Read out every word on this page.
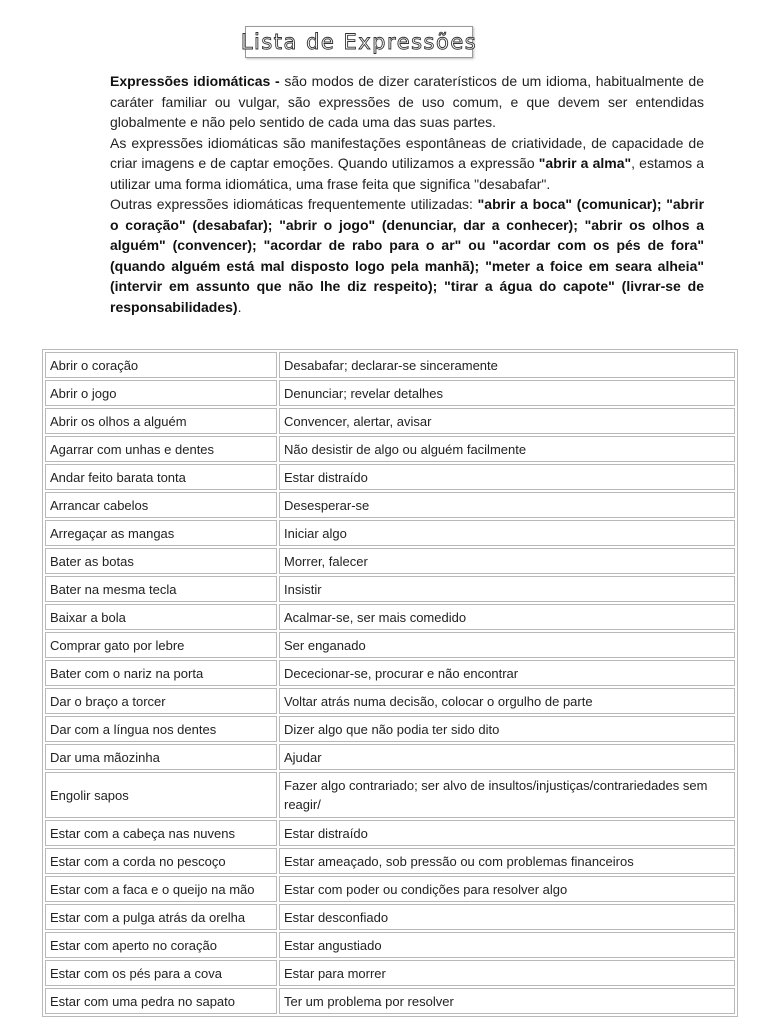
Lista de Expressões
Expressões idiomáticas - são modos de dizer caraterísticos de um idioma, habitualmente de caráter familiar ou vulgar, são expressões de uso comum, e que devem ser entendidas globalmente e não pelo sentido de cada uma das suas partes.
As expressões idiomáticas são manifestações espontâneas de criatividade, de capacidade de criar imagens e de captar emoções. Quando utilizamos a expressão "abrir a alma", estamos a utilizar uma forma idiomática, uma frase feita que significa "desabafar".
Outras expressões idiomáticas frequentemente utilizadas: "abrir a boca" (comunicar); "abrir o coração" (desabafar); "abrir o jogo" (denunciar, dar a conhecer); "abrir os olhos a alguém" (convencer); "acordar de rabo para o ar" ou "acordar com os pés de fora" (quando alguém está mal disposto logo pela manhã); "meter a foice em seara alheia" (intervir em assunto que não lhe diz respeito); "tirar a água do capote" (livrar-se de responsabilidades).
Abrir o coração	Desabafar; declarar-se sinceramente
Abrir o jogo	Denunciar; revelar detalhes
Abrir os olhos a alguém	Convencer, alertar, avisar
Agarrar com unhas e dentes	Não desistir de algo ou alguém facilmente
Andar feito barata tonta	Estar distraído
Arrancar cabelos	Desesperar-se
Arregaçar as mangas	Iniciar algo
Bater as botas	Morrer, falecer
Bater na mesma tecla	Insistir
Baixar a bola	Acalmar-se, ser mais comedido
Comprar gato por lebre	Ser enganado
Bater com o nariz na porta	Dececionar-se, procurar e não encontrar
Dar o braço a torcer	Voltar atrás numa decisão, colocar o orgulho de parte
Dar com a língua nos dentes	Dizer algo que não podia ter sido dito
Dar uma mãozinha	Ajudar
Engolir sapos	Fazer algo contrariado; ser alvo de insultos/injustiças/contrariedades sem reagir/
Estar com a cabeça nas nuvens	Estar distraído
Estar com a corda no pescoço	Estar ameaçado, sob pressão ou com problemas financeiros
Estar com a faca e o queijo na mão	Estar com poder ou condições para resolver algo
Estar com a pulga atrás da orelha	Estar desconfiado
Estar com aperto no coração	Estar angustiado
Estar com os pés para a cova	Estar para morrer
Estar com uma pedra no sapato	Ter um problema por resolver
